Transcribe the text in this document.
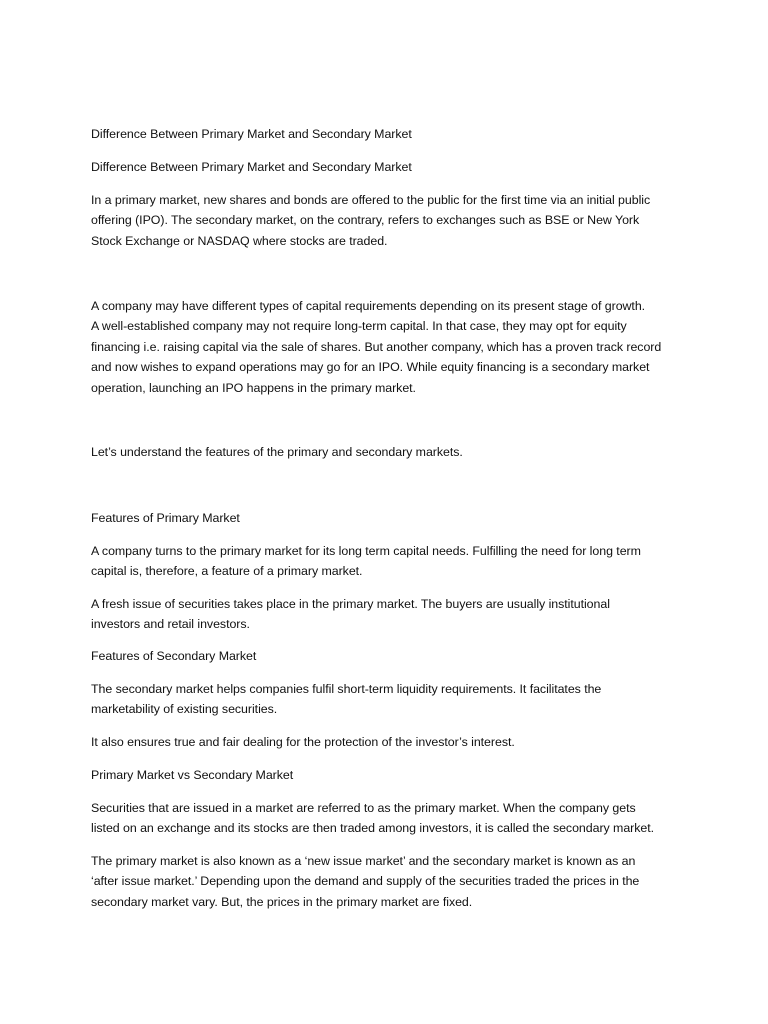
Difference Between Primary Market and Secondary Market

Difference Between Primary Market and Secondary Market

In a primary market, new shares and bonds are offered to the public for the first time via an initial public

offering (IPO). The secondary market, on the contrary, refers to exchanges such as BSE or New York

Stock Exchange or NASDAQ where stocks are traded.

A company may have different types of capital requirements depending on its present stage of growth.

A well-established company may not require long-term capital. In that case, they may opt for equity

financing i.e. raising capital via the sale of shares. But another company, which has a proven track record

and now wishes to expand operations may go for an IPO. While equity financing is a secondary market

operation, launching an IPO happens in the primary market.

Let’s understand the features of the primary and secondary markets.

Features of Primary Market

A company turns to the primary market for its long term capital needs. Fulfilling the need for long term

capital is, therefore, a feature of a primary market.

A fresh issue of securities takes place in the primary market. The buyers are usually institutional

investors and retail investors.

Features of Secondary Market

The secondary market helps companies fulfil short-term liquidity requirements. It facilitates the

marketability of existing securities.

It also ensures true and fair dealing for the protection of the investor’s interest.

Primary Market vs Secondary Market

Securities that are issued in a market are referred to as the primary market. When the company gets

listed on an exchange and its stocks are then traded among investors, it is called the secondary market.

The primary market is also known as a ‘new issue market’ and the secondary market is known as an

‘after issue market.’ Depending upon the demand and supply of the securities traded the prices in the

secondary market vary. But, the prices in the primary market are fixed.
